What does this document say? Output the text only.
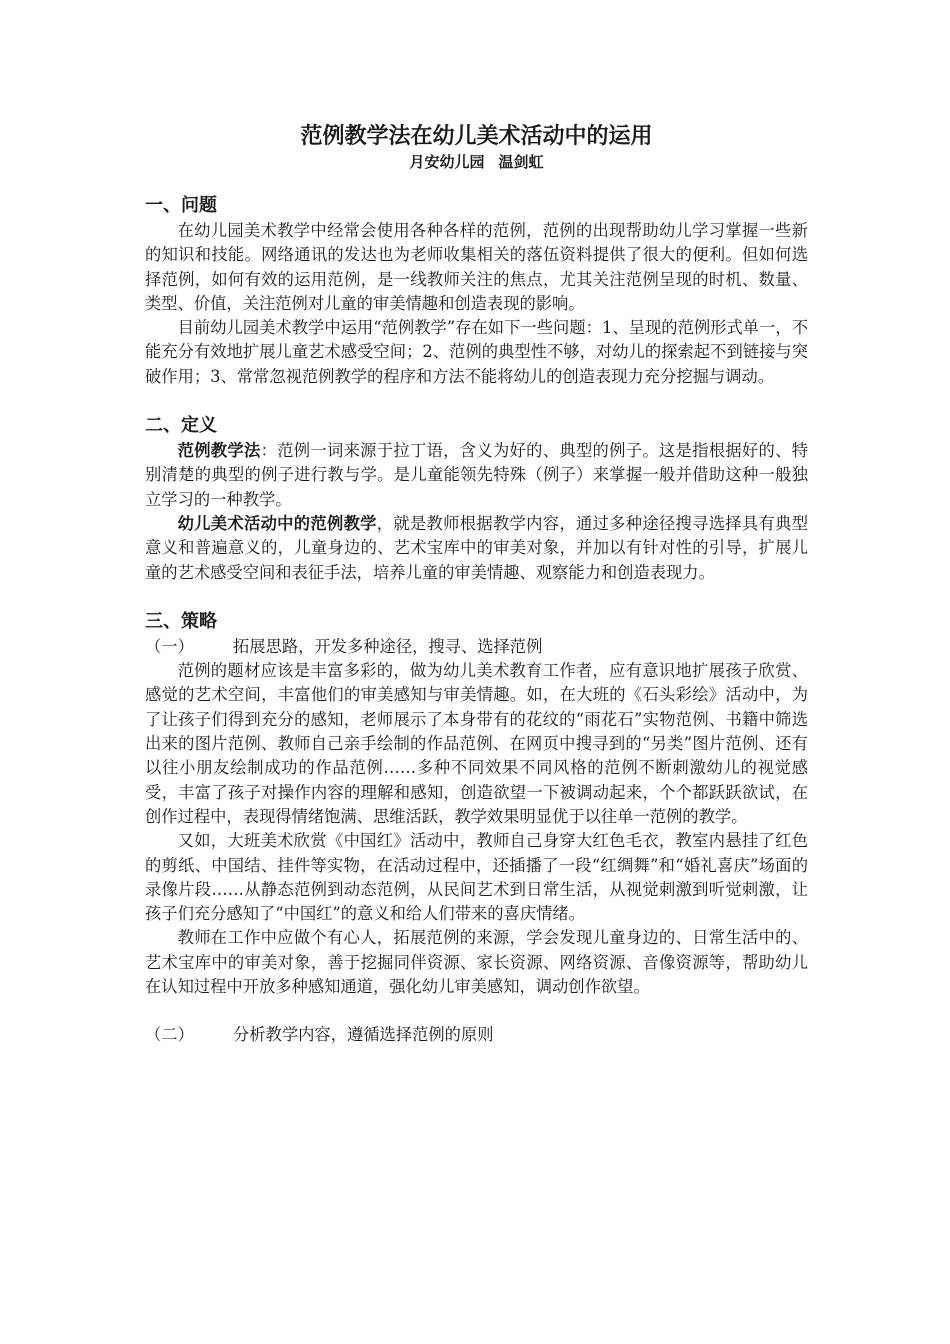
范例教学法在幼儿美术活动中的运用

月安幼儿园 温剑虹

一、问题

在幼儿园美术教学中经常会使用各种各样的范例，范例的出现帮助幼儿学习掌握一些新的知识和技能。网络通讯的发达也为老师收集相关的落伍资料提供了很大的便利。但如何选择范例，如何有效的运用范例，是一线教师关注的焦点，尤其关注范例呈现的时机、数量、类型、价值，关注范例对儿童的审美情趣和创造表现的影响。

目前幼儿园美术教学中运用“范例教学”存在如下一些问题：1、呈现的范例形式单一，不能充分有效地扩展儿童艺术感受空间；2、范例的典型性不够，对幼儿的探索起不到链接与突破作用；3、常常忽视范例教学的程序和方法不能将幼儿的创造表现力充分挖掘与调动。

二、定义

范例教学法：范例一词来源于拉丁语，含义为好的、典型的例子。这是指根据好的、特别清楚的典型的例子进行教与学。是儿童能领先特殊（例子）来掌握一般并借助这种一般独立学习的一种教学。

幼儿美术活动中的范例教学，就是教师根据教学内容，通过多种途径搜寻选择具有典型意义和普遍意义的，儿童身边的、艺术宝库中的审美对象，并加以有针对性的引导，扩展儿童的艺术感受空间和表征手法，培养儿童的审美情趣、观察能力和创造表现力。

三、策略

（一） 拓展思路，开发多种途径，搜寻、选择范例

范例的题材应该是丰富多彩的，做为幼儿美术教育工作者，应有意识地扩展孩子欣赏、感觉的艺术空间，丰富他们的审美感知与审美情趣。如，在大班的《石头彩绘》活动中，为了让孩子们得到充分的感知，老师展示了本身带有的花纹的“雨花石”实物范例、书籍中筛选出来的图片范例、教师自己亲手绘制的作品范例、在网页中搜寻到的“另类”图片范例、还有以往小朋友绘制成功的作品范例……多种不同效果不同风格的范例不断刺激幼儿的视觉感受，丰富了孩子对操作内容的理解和感知，创造欲望一下被调动起来，个个都跃跃欲试，在创作过程中，表现得情绪饱满、思维活跃，教学效果明显优于以往单一范例的教学。

又如，大班美术欣赏《中国红》活动中，教师自己身穿大红色毛衣，教室内悬挂了红色的剪纸、中国结、挂件等实物，在活动过程中，还插播了一段“红绸舞”和“婚礼喜庆”场面的录像片段……从静态范例到动态范例，从民间艺术到日常生活，从视觉刺激到听觉刺激，让孩子们充分感知了“中国红”的意义和给人们带来的喜庆情绪。

教师在工作中应做个有心人，拓展范例的来源，学会发现儿童身边的、日常生活中的、艺术宝库中的审美对象，善于挖掘同伴资源、家长资源、网络资源、音像资源等，帮助幼儿在认知过程中开放多种感知通道，强化幼儿审美感知，调动创作欲望。

（二） 分析教学内容，遵循选择范例的原则
